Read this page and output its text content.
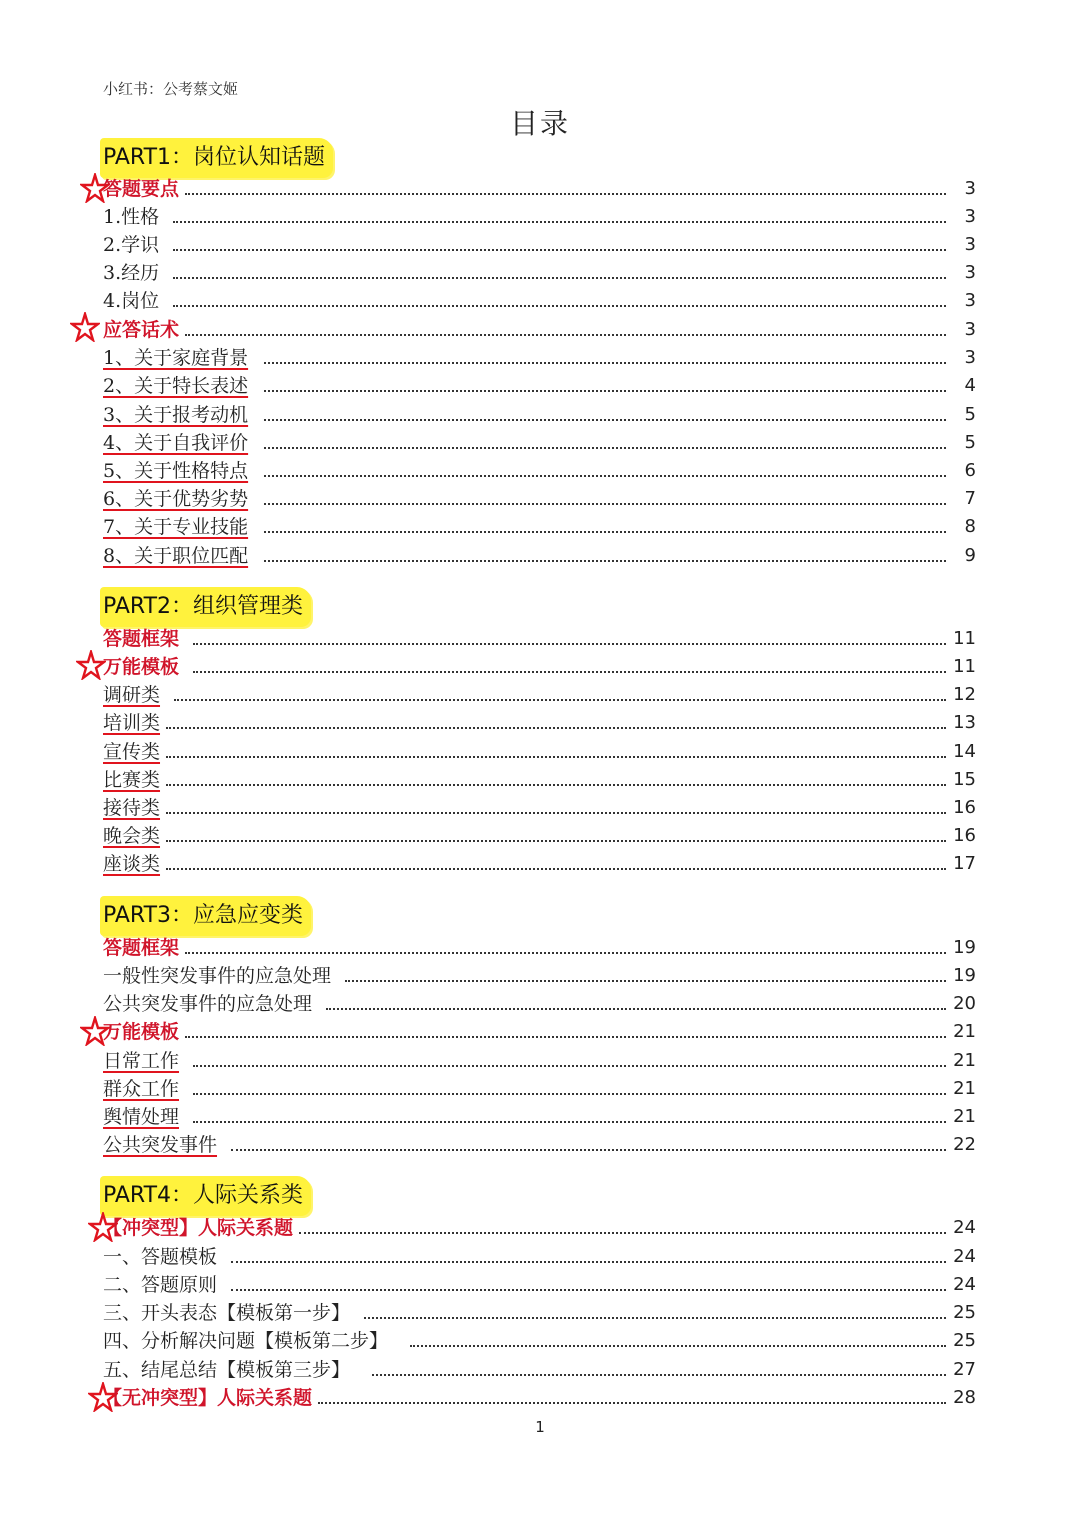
小红书：公考蔡文姬
目录
PART1：岗位认知话题
答题要点	3
1.性格	3
2.学识	3
3.经历	3
4.岗位	3
应答话术	3
1、关于家庭背景	3
2、关于特长表述	4
3、关于报考动机	5
4、关于自我评价	5
5、关于性格特点	6
6、关于优势劣势	7
7、关于专业技能	8
8、关于职位匹配	9
PART2：组织管理类
答题框架	11
万能模板	11
调研类	12
培训类	13
宣传类	14
比赛类	15
接待类	16
晚会类	16
座谈类	17
PART3：应急应变类
答题框架	19
一般性突发事件的应急处理	19
公共突发事件的应急处理	20
万能模板	21
日常工作	21
群众工作	21
舆情处理	21
公共突发事件	22
PART4：人际关系类
【冲突型】人际关系题	24
一、答题模板	24
二、答题原则	24
三、开头表态【模板第一步】	25
四、分析解决问题【模板第二步】	25
五、结尾总结【模板第三步】	27
【无冲突型】人际关系题	28
1
